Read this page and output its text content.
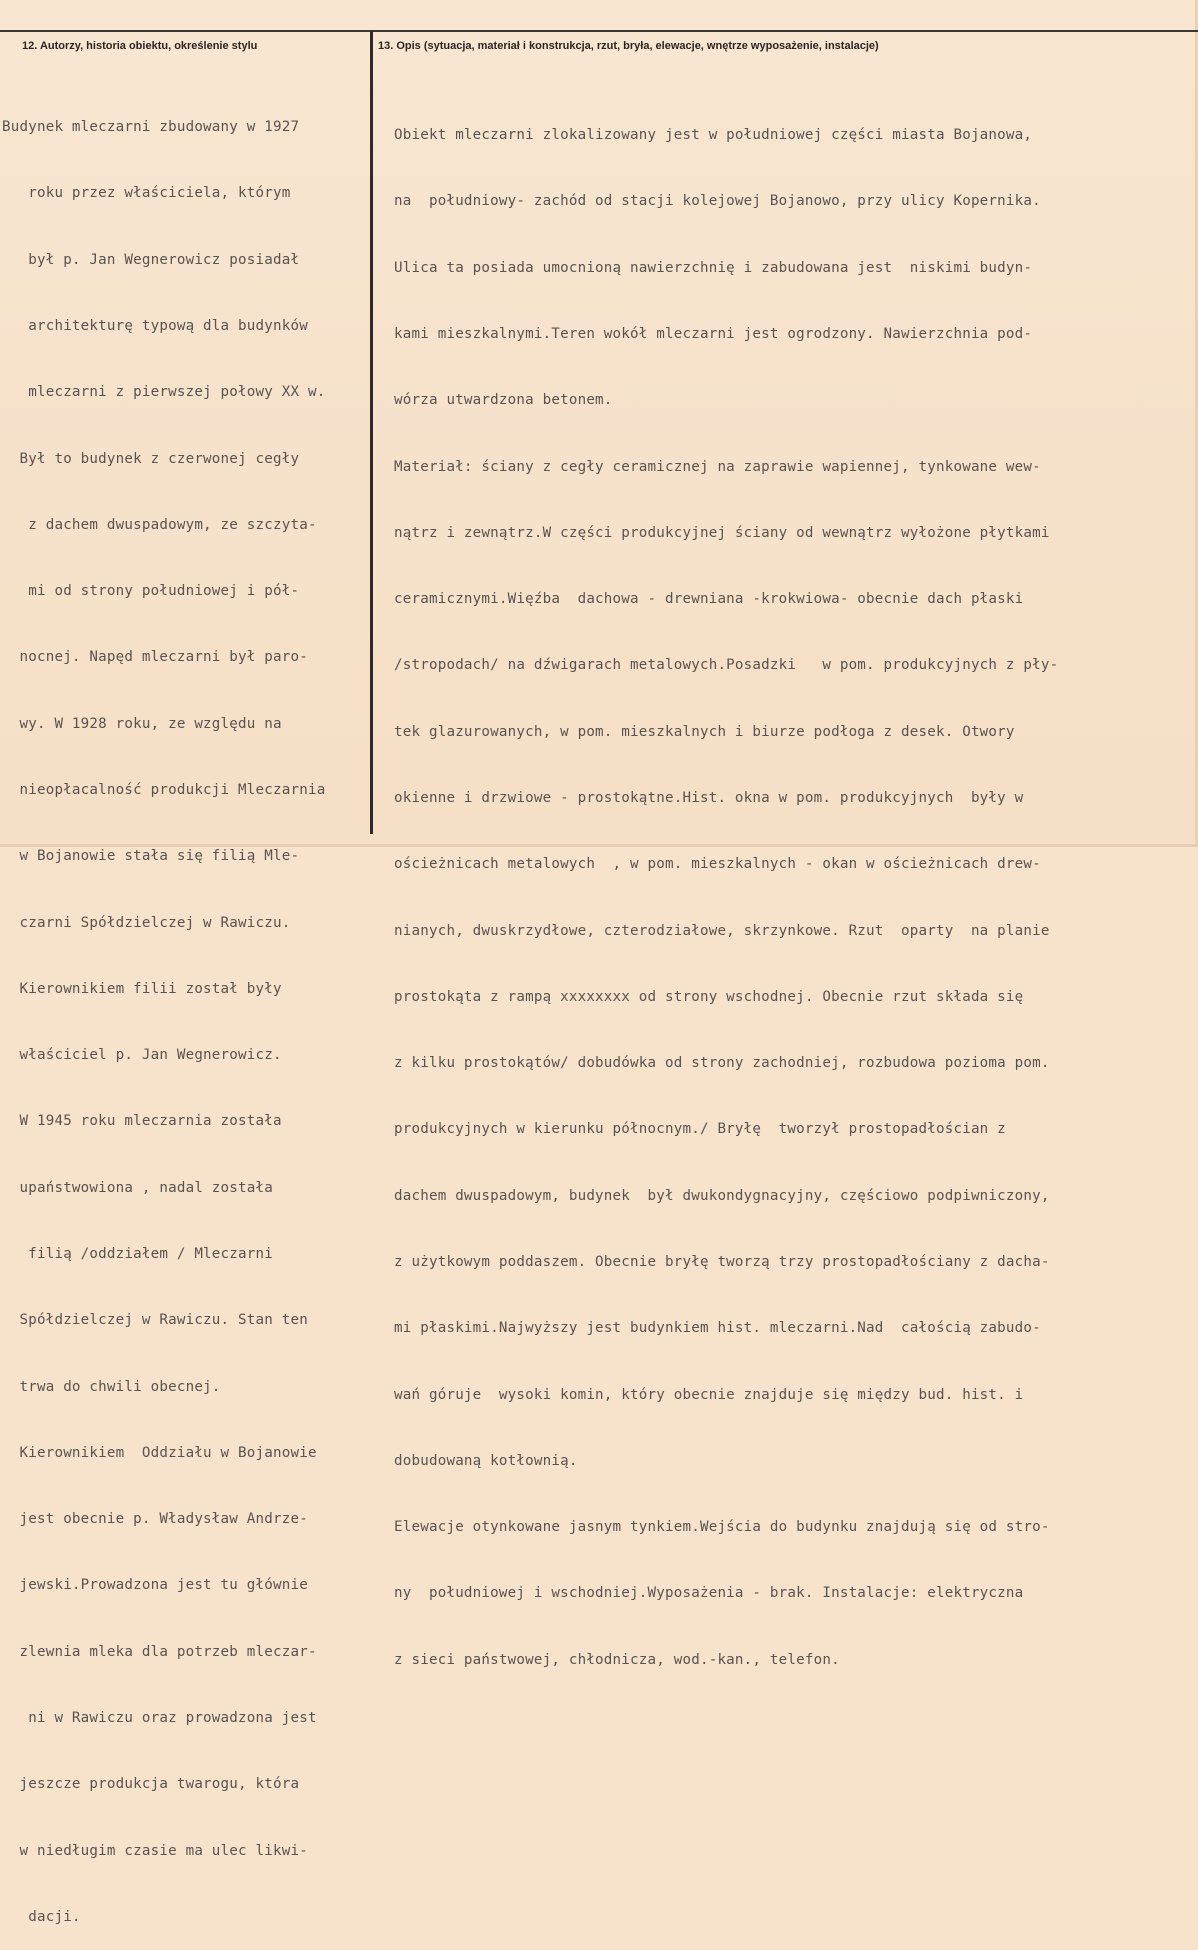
12. Autorzy, historia obiektu, określenie stylu	13. Opis (sytuacja, materiał i konstrukcja, rzut, bryła, elewacje, wnętrze wyposażenie, instalacje)

Budynek mleczarni zbudowany w 1927

roku przez właściciela, którym

był p. Jan Wegnerowicz posiadał

architekturę typową dla budynków

mleczarni z pierwszej połowy XX w.

Był to budynek z czerwonej cegły

z dachem dwuspadowym, ze szczyta-

mi od strony południowej i pół-

nocnej. Napęd mleczarni był paro-

wy. W 1928 roku, ze względu na

nieopłacalność produkcji Mleczarnia

w Bojanowie stała się filią Mle-

czarni Spółdzielczej w Rawiczu.

Kierownikiem filii został były

właściciel p. Jan Wegnerowicz.

W 1945 roku mleczarnia została

upaństwowiona , nadal została

filią /oddziałem / Mleczarni

Spółdzielczej w Rawiczu. Stan ten

trwa do chwili obecnej.

Kierownikiem  Oddziału w Bojanowie

jest obecnie p. Władysław Andrze-

jewski.Prowadzona jest tu głównie

zlewnia mleka dla potrzeb mleczar-

ni w Rawiczu oraz prowadzona jest

jeszcze produkcja twarogu, która

w niedługim czasie ma ulec likwi-

dacji.

Obiekt mleczarni zlokalizowany jest w południowej części miasta Bojanowa,

na  południowy- zachód od stacji kolejowej Bojanowo, przy ulicy Kopernika.

Ulica ta posiada umocnioną nawierzchnię i zabudowana jest  niskimi budyn-

kami mieszkalnymi.Teren wokół mleczarni jest ogrodzony. Nawierzchnia pod-

wórza utwardzona betonem.

Materiał: ściany z cegły ceramicznej na zaprawie wapiennej, tynkowane wew-

nątrz i zewnątrz.W części produkcyjnej ściany od wewnątrz wyłożone płytkami

ceramicznymi.Więźba  dachowa - drewniana -krokwiowa- obecnie dach płaski

/stropodach/ na dźwigarach metalowych.Posadzki   w pom. produkcyjnych z pły-

tek glazurowanych, w pom. mieszkalnych i biurze podłoga z desek. Otwory

okienne i drzwiowe - prostokątne.Hist. okna w pom. produkcyjnych  były w

ościeżnicach metalowych  , w pom. mieszkalnych - okan w ościeżnicach drew-

nianych, dwuskrzydłowe, czterodziałowe, skrzynkowe. Rzut  oparty  na planie

prostokąta z rampą xxxxxxxx od strony wschodnej. Obecnie rzut składa się

z kilku prostokątów/ dobudówka od strony zachodniej, rozbudowa pozioma pom.

produkcyjnych w kierunku północnym./ Bryłę  tworzył prostopadłościan z

dachem dwuspadowym, budynek  był dwukondygnacyjny, częściowo podpiwniczony,

z użytkowym poddaszem. Obecnie bryłę tworzą trzy prostopadłościany z dacha-

mi płaskimi.Najwyższy jest budynkiem hist. mleczarni.Nad  całością zabudo-

wań góruje  wysoki komin, który obecnie znajduje się między bud. hist. i

dobudowaną kotłownią.

Elewacje otynkowane jasnym tynkiem.Wejścia do budynku znajdują się od stro-

ny  południowej i wschodniej.Wyposażenia - brak. Instalacje: elektryczna

z sieci państwowej, chłodnicza, wod.-kan., telefon.
